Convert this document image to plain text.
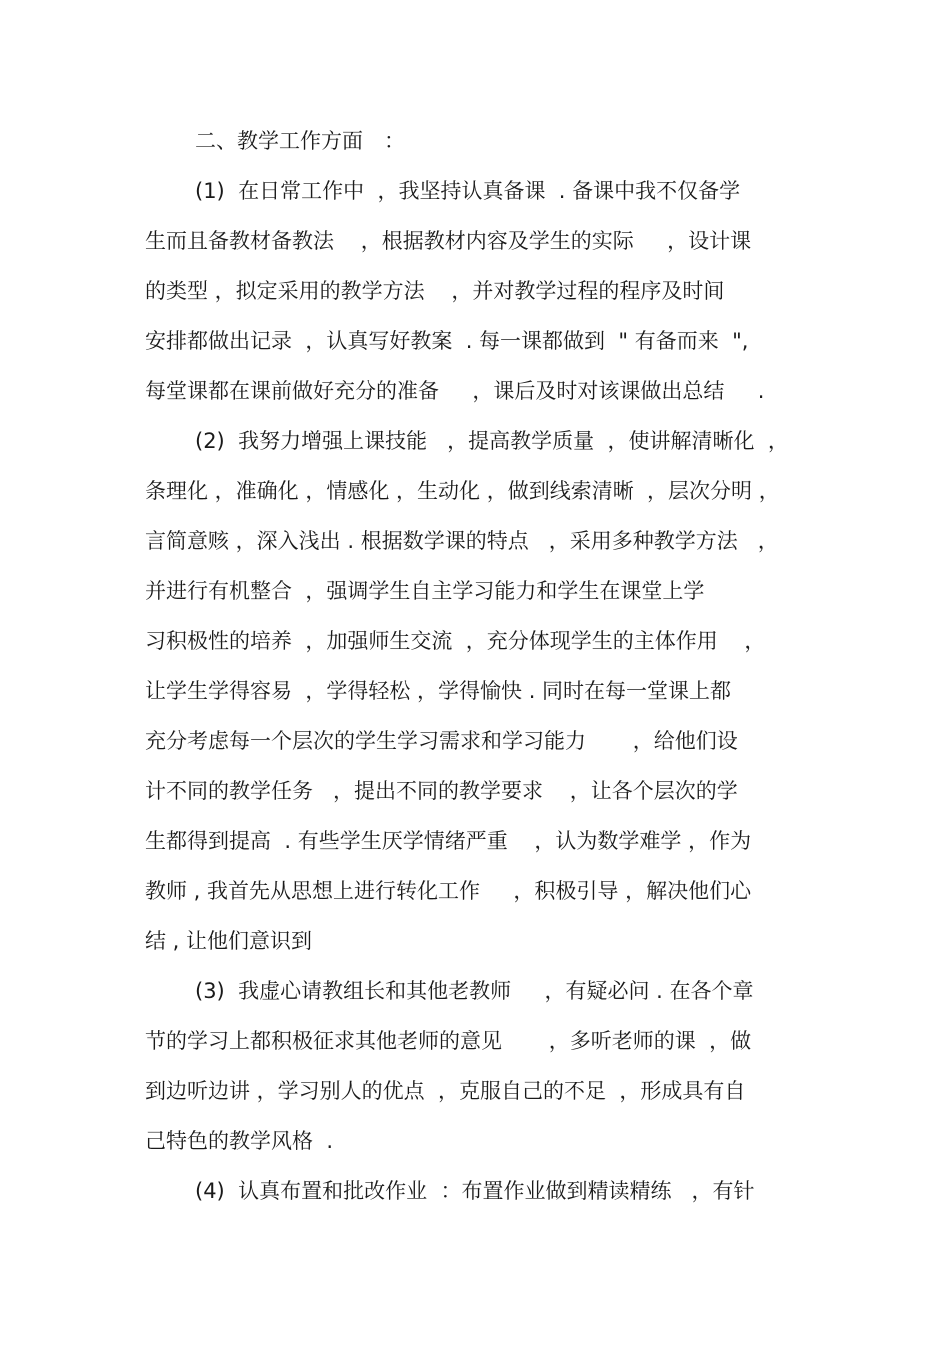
二、教学工作方面　：
(1)  在日常工作中  ，我坚持认真备课  . 备课中我不仅备学
生而且备教材备教法    ，根据教材内容及学生的实际     ，设计课
的类型 ，拟定采用的教学方法    ，并对教学过程的程序及时间
安排都做出记录  ，认真写好教案  . 每一课都做到  " 有备而来  ",
每堂课都在课前做好充分的准备     ，课后及时对该课做出总结     .
(2)  我努力增强上课技能   ，提高教学质量  ，使讲解清晰化  ，
条理化 ，准确化 ，情感化 ，生动化 ，做到线索清晰  ，层次分明 ，
言简意赅 ，深入浅出 . 根据数学课的特点   ，采用多种教学方法   ，
并进行有机整合  ，强调学生自主学习能力和学生在课堂上学
习积极性的培养  ，加强师生交流  ，充分体现学生的主体作用    ，
让学生学得容易  ，学得轻松 ，学得愉快 . 同时在每一堂课上都
充分考虑每一个层次的学生学习需求和学习能力       ，给他们设
计不同的教学任务   ，提出不同的教学要求    ，让各个层次的学
生都得到提高  . 有些学生厌学情绪严重    ，认为数学难学 ，作为
教师 , 我首先从思想上进行转化工作     ，积极引导 ，解决他们心
结 , 让他们意识到
(3)  我虚心请教组长和其他老教师     ，有疑必问 . 在各个章
节的学习上都积极征求其他老师的意见       ，多听老师的课  ，做
到边听边讲 ，学习别人的优点  ，克服自己的不足  ，形成具有自
己特色的教学风格  .
(4)  认真布置和批改作业  ：布置作业做到精读精练   ，有针
